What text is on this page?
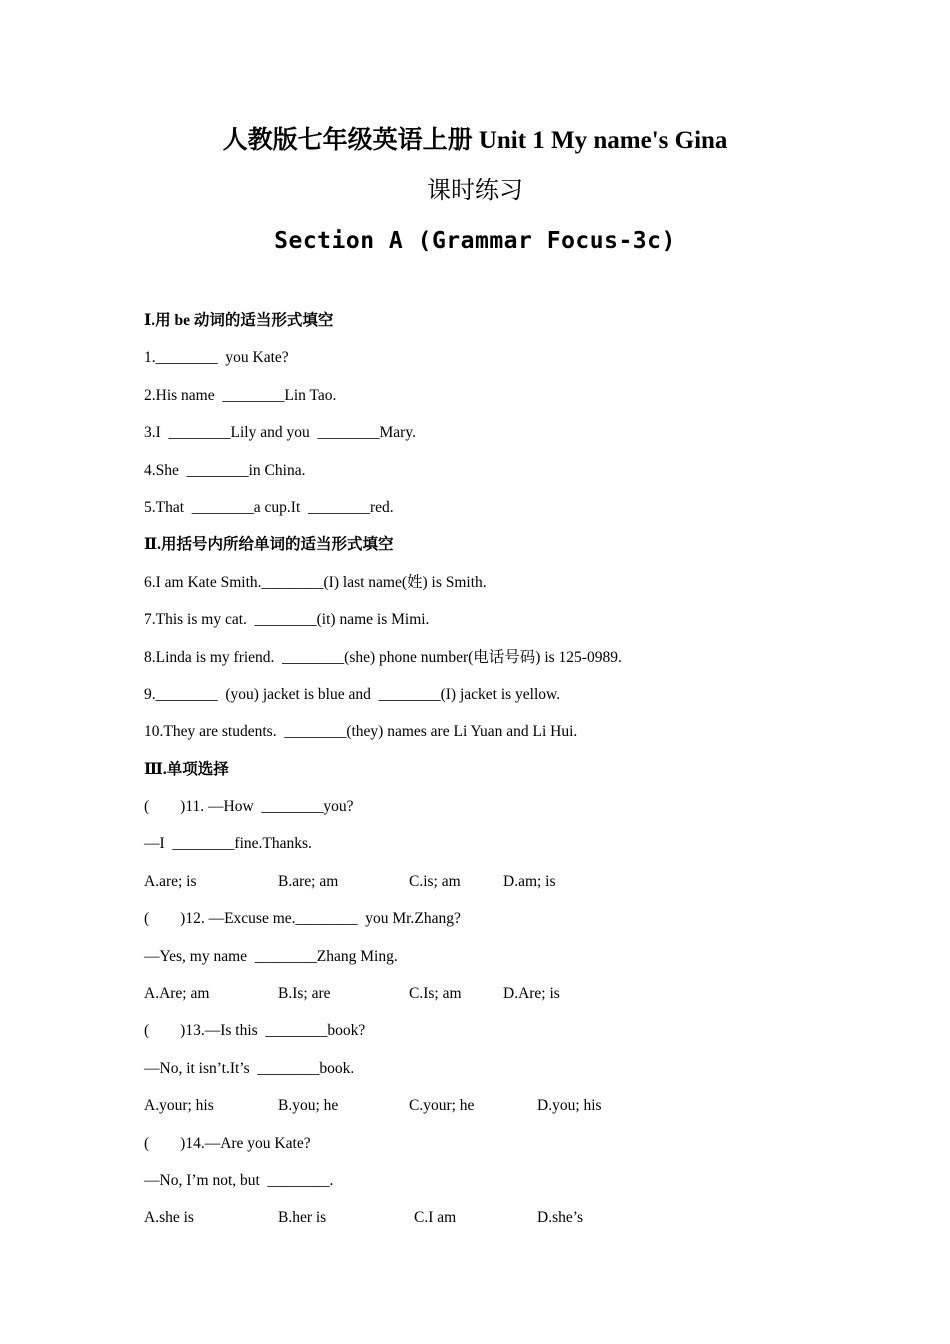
人教版七年级英语上册 Unit 1 My name's Gina
课时练习
Section A (Grammar Focus-3c)
Ⅰ.用 be 动词的适当形式填空
1.________  you Kate?
2.His name  ________Lin Tao.
3.I  ________Lily and you  ________Mary.
4.She  ________in China.
5.That  ________a cup.It  ________red.
Ⅱ.用括号内所给单词的适当形式填空
6.I am Kate Smith.________(I) last name(姓) is Smith.
7.This is my cat.  ________(it) name is Mimi.
8.Linda is my friend.  ________(she) phone number(电话号码) is 125-0989.
9.________  (you) jacket is blue and  ________(I) jacket is yellow.
10.They are students.  ________(they) names are Li Yuan and Li Hui.
Ⅲ.单项选择
(        )11. —How  ________you?
—I  ________fine.Thanks.
A.are; is	B.are; am	C.is; am	D.am; is
(        )12. —Excuse me.________  you Mr.Zhang?
—Yes, my name  ________Zhang Ming.
A.Are; am	B.Is; are	C.Is; am	D.Are; is
(        )13.—Is this  ________book?
—No, it isn’t.It’s  ________book.
A.your; his	B.you; he	C.your; he	D.you; his
(        )14.—Are you Kate?
—No, I’m not, but  ________.
A.she is	B.her is	C.I am	D.she’s
